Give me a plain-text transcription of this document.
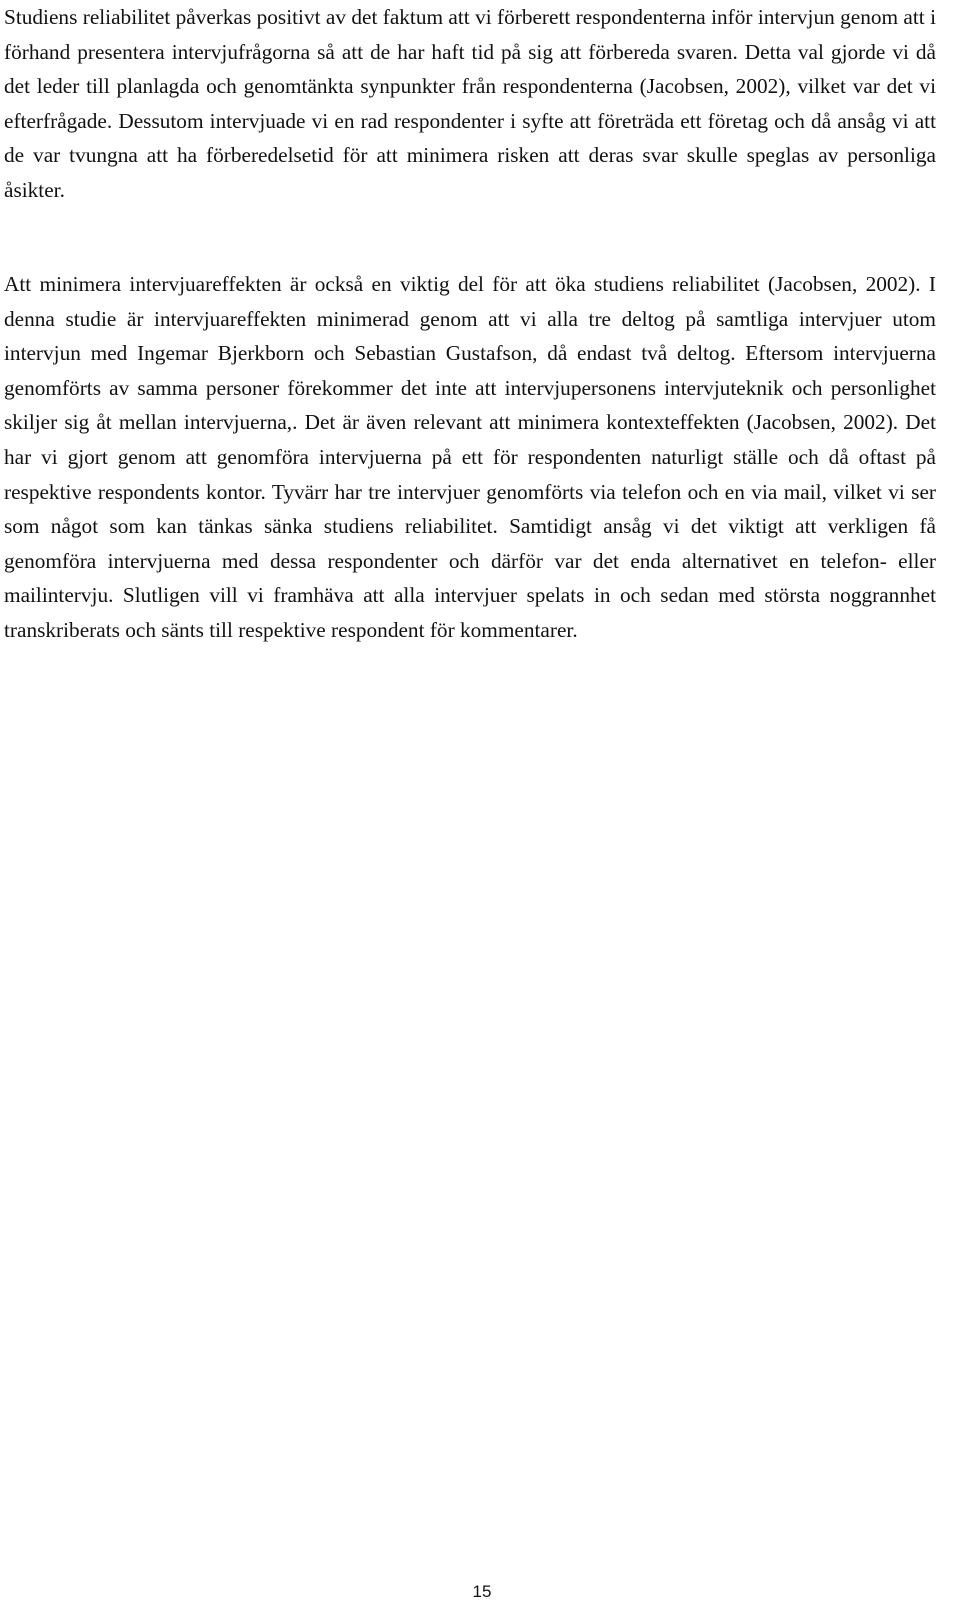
Studiens reliabilitet påverkas positivt av det faktum att vi förberett respondenterna inför intervjun genom att i förhand presentera intervjufrågorna så att de har haft tid på sig att förbereda svaren. Detta val gjorde vi då det leder till planlagda och genomtänkta synpunkter från respondenterna (Jacobsen, 2002), vilket var det vi efterfrågade. Dessutom intervjuade vi en rad respondenter i syfte att företräda ett företag och då ansåg vi att de var tvungna att ha förberedelsetid för att minimera risken att deras svar skulle speglas av personliga åsikter.

Att minimera intervjuareffekten är också en viktig del för att öka studiens reliabilitet (Jacobsen, 2002). I denna studie är intervjuareffekten minimerad genom att vi alla tre deltog på samtliga intervjuer utom intervjun med Ingemar Bjerkborn och Sebastian Gustafson, då endast två deltog. Eftersom intervjuerna genomförts av samma personer förekommer det inte att intervjupersonens intervjuteknik och personlighet skiljer sig åt mellan intervjuerna,. Det är även relevant att minimera kontexteffekten (Jacobsen, 2002). Det har vi gjort genom att genomföra intervjuerna på ett för respondenten naturligt ställe och då oftast på respektive respondents kontor. Tyvärr har tre intervjuer genomförts via telefon och en via mail, vilket vi ser som något som kan tänkas sänka studiens reliabilitet. Samtidigt ansåg vi det viktigt att verkligen få genomföra intervjuerna med dessa respondenter och därför var det enda alternativet en telefon- eller mailintervju. Slutligen vill vi framhäva att alla intervjuer spelats in och sedan med största noggrannhet transkriberats och sänts till respektive respondent för kommentarer.

15
